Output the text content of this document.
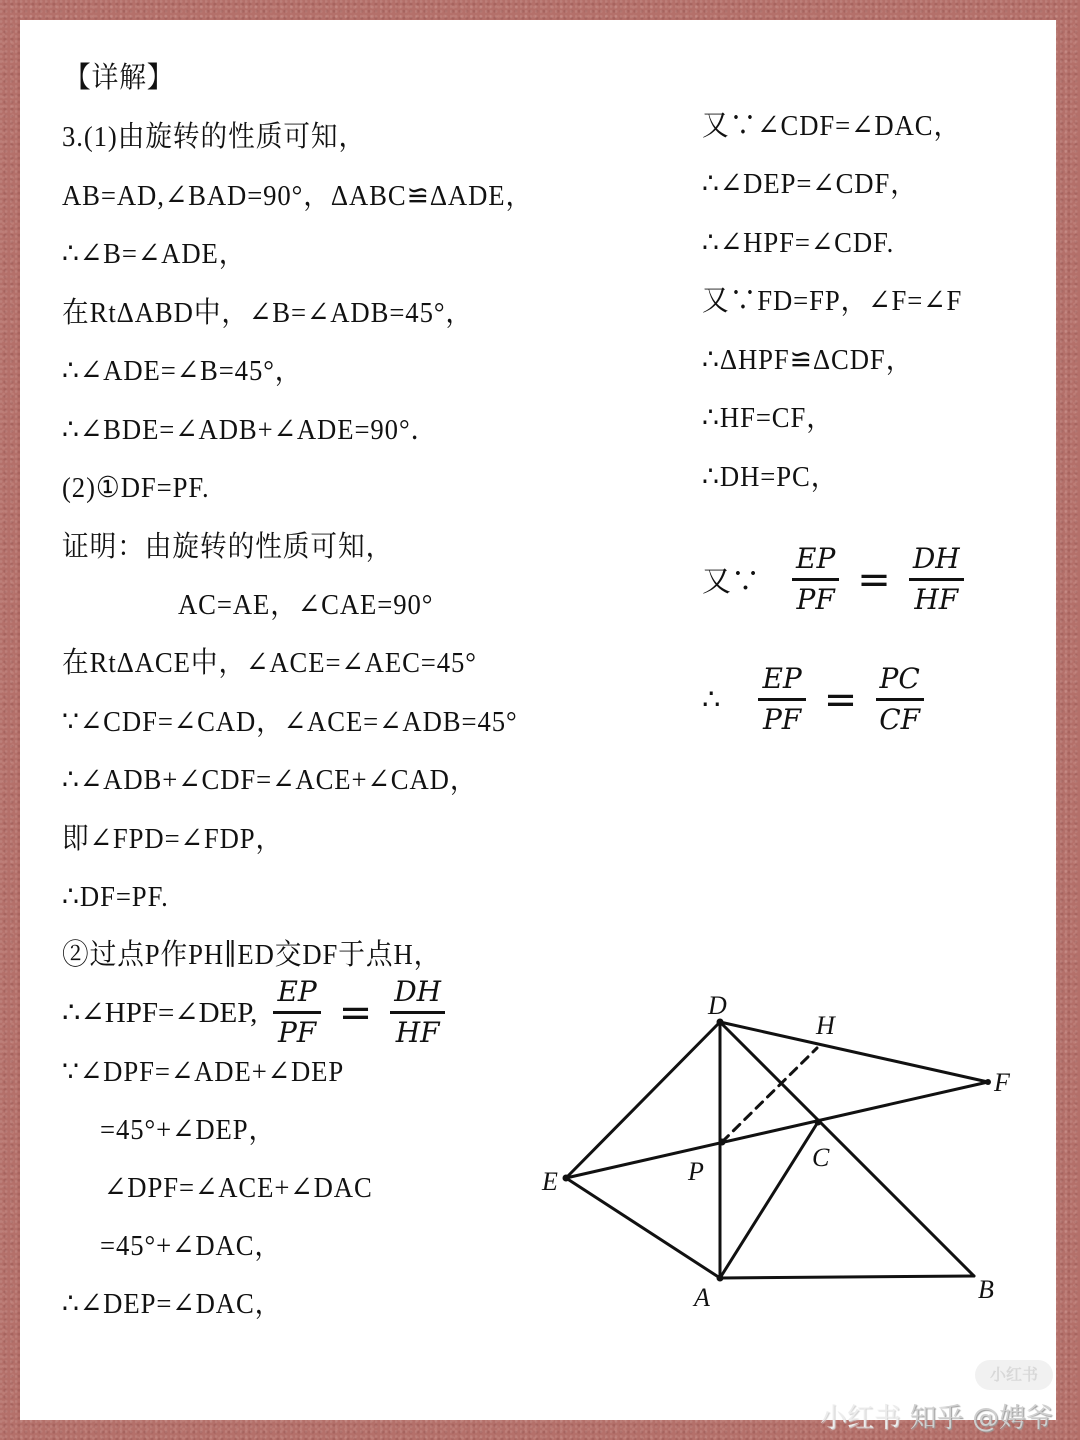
【详解】
3.(1)由旋转的性质可知，
AB=AD,∠BAD=90°，ΔABC≌ΔADE，
∴∠B=∠ADE，
在RtΔABD中，∠B=∠ADB=45°，
∴∠ADE=∠B=45°，
∴∠BDE=∠ADB+∠ADE=90°．
(2)①DF=PF.
证明：由旋转的性质可知，
AC=AE，∠CAE=90°
在RtΔACE中，∠ACE=∠AEC=45°
∵∠CDF=∠CAD，∠ACE=∠ADB=45°
∴∠ADB+∠CDF=∠ACE+∠CAD，
即∠FPD=∠FDP，
∴DF=PF.
②过点P作PH∥ED交DF于点H，
∴∠HPF=∠DEP, $\frac{EP}{PF} = \frac{DH}{HF}$
∵∠DPF=∠ADE+∠DEP
=45°+∠DEP，
∠DPF=∠ACE+∠DAC
=45°+∠DAC，
∴∠DEP=∠DAC，
又∵∠CDF=∠DAC，
∴∠DEP=∠CDF，
∴∠HPF=∠CDF.
又∵FD=FP，∠F=∠F
∴ΔHPF≌ΔCDF，
∴HF=CF，
∴DH=PC，
又∵ $\frac{EP}{PF} = \frac{DH}{HF}$
∴ $\frac{EP}{PF} = \frac{PC}{CF}$
小红书
小红书 知乎 @娉爷
D
H
F
E	P	C
A	B
